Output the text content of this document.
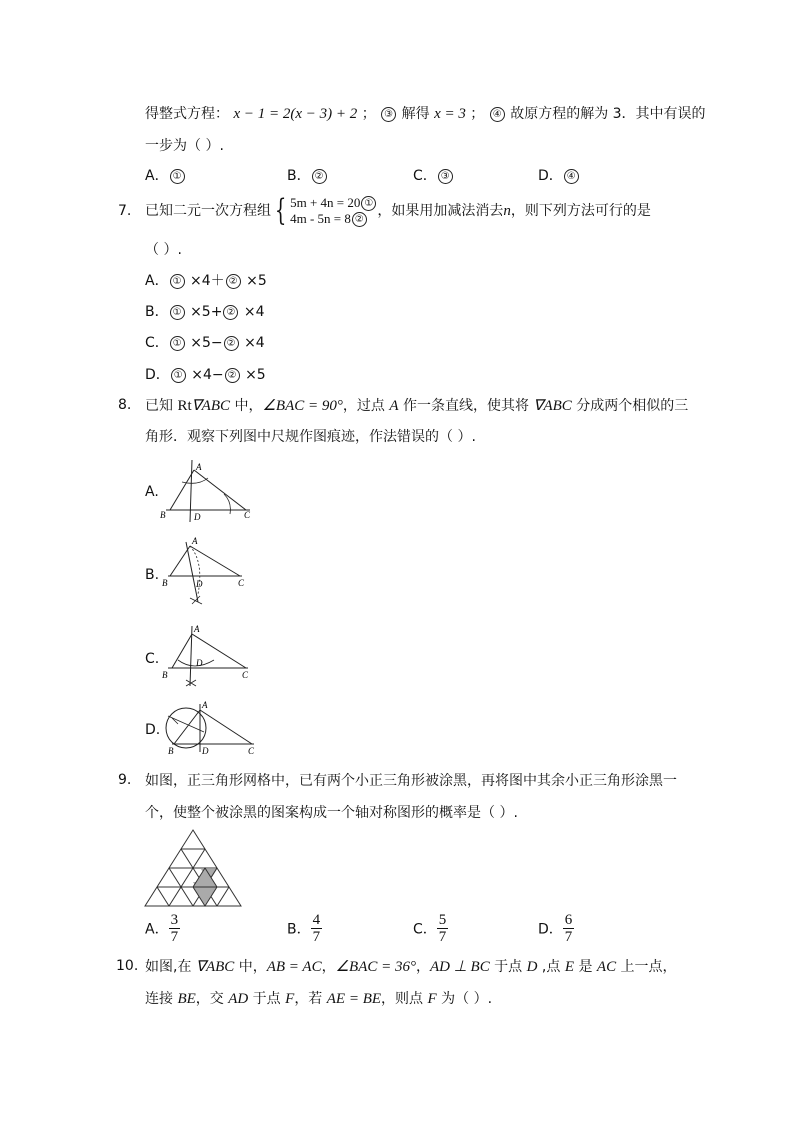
得整式方程： x − 1 = 2(x − 3) + 2 ； ③ 解得 x = 3 ； ④ 故原方程的解为 3．其中有误的
一步为（ ）.
A． ①	B． ②	C． ③	D． ④
7. 已知二元一次方程组 { 5m + 4n = 20 ①
4m - 5n = 8 ②
，如果用加减法消去n，则下列方法可行的是
（ ）.
A． ① ×4＋ ② ×5
B． ① ×5+ ② ×4
C． ① ×5− ② ×4
D． ① ×4− ② ×5
8. 已知 Rt∇ABC 中，∠BAC = 90°，过点 A 作一条直线，使其将 ∇ABC 分成两个相似的三
角形．观察下列图中尺规作图痕迹，作法错误的（ ）.
A.
A
B	D	C
B.
A
B	D	C
C.
A
B
D
C
D.
A
B	D	C
9. 如图，正三角形网格中，已有两个小正三角形被涂黑，再将图中其余小正三角形涂黑一
个，使整个被涂黑的图案构成一个轴对称图形的概率是（ ）.
A． $\frac{3}{7}$	B． $\frac{4}{7}$	C． $\frac{5}{7}$	D． $\frac{6}{7}$
10. 如图,在 ∇ABC 中，AB = AC，∠BAC = 36°，AD ⊥ BC 于点 D ,点 E 是 AC 上一点，
连接 BE，交 AD 于点 F，若 AE = BE，则点 F 为（ ）.
